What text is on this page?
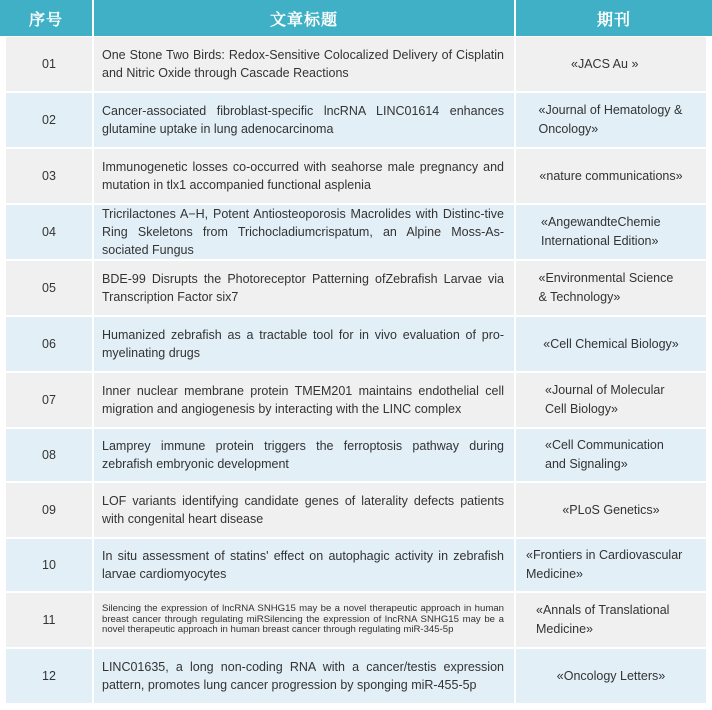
序号	文章标题	期刊
01
One Stone Two Birds: Redox-Sensitive Colocalized Delivery of Cisplatin and Nitric Oxide through Cascade Reactions
«JACS Au »
02
Cancer-associated fibroblast-specific lncRNA LINC01614 enhances glutamine uptake in lung adenocarcinoma
«Journal of Hematology & Oncology»
03
Immunogenetic losses co-occurred with seahorse male pregnancy and mutation in tlx1 accompanied functional asplenia
«nature communications»
04
Tricrilactones A−H, Potent Antiosteoporosis Macrolides with Distinc-tive Ring Skeletons from Trichocladiumcrispatum, an Alpine Moss-As-sociated Fungus
«AngewandteChemie International Edition»
05
BDE-99 Disrupts the Photoreceptor Patterning ofZebrafish Larvae via Transcription Factor six7
«Environmental Science & Technology»
06
Humanized zebrafish as a tractable tool for in vivo evaluation of pro-myelinating drugs
«Cell Chemical Biology»
07
Inner nuclear membrane protein TMEM201 maintains endothelial cell migration and angiogenesis by interacting with the LINC complex
«Journal of Molecular Cell Biology»
08
Lamprey immune protein triggers the ferroptosis pathway during zebrafish embryonic development
«Cell Communication and Signaling»
09
LOF variants identifying candidate genes of laterality defects patients with congenital heart disease
«PLoS Genetics»
10
In situ assessment of statins' effect on autophagic activity in zebrafish larvae cardiomyocytes
«Frontiers in Cardiovascular Medicine»
11
Silencing the expression of lncRNA SNHG15 may be a novel therapeutic approach in human breast cancer through regulating miRSilencing the expression of lncRNA SNHG15 may be a novel therapeutic approach in human breast cancer through regulating miR-345-5p
«Annals of Translational Medicine»
12
LINC01635, a long non-coding RNA with a cancer/testis expression pattern, promotes lung cancer progression by sponging miR-455-5p
«Oncology Letters»
